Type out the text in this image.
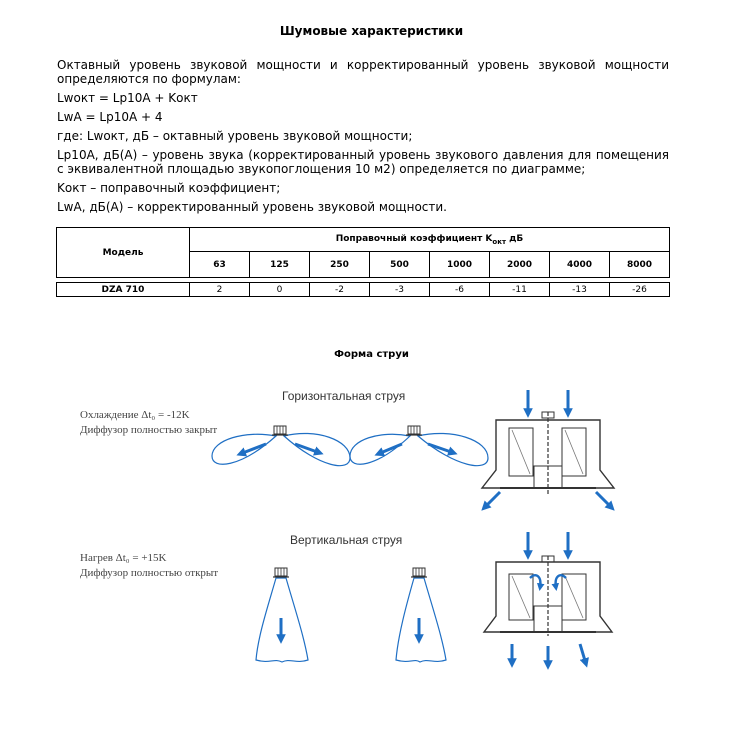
Шумовые характеристики
Октавный уровень звуковой мощности и корректированный уровень звуковой мощности определяются по формулам:
Lwокт = Lp10A + Kокт
LwA = Lp10A + 4
где: Lwокт, дБ – октавный уровень звуковой мощности;
Lp10A, дБ(A) – уровень звука (корректированный уровень звукового давления для помещения с эквивалентной площадью звукопоглощения 10 м2) определяется по диаграмме;
Kокт – поправочный коэффициент;
LwA, дБ(A) – корректированный уровень звуковой мощности.
Модель	Поправочный коэффициент $K_{окт}$ дБ							
	63	125	250	500	1000	2000	4000	8000

DZA 710	2	0	-2	-3	-6	-11	-13	-26
Форма струи
Горизонтальная струя
Вертикальная струя
Охлаждение Δt₀ = -12K
Диффузор полностью закрыт
Нагрев Δt₀ = +15K
Диффузор полностью открыт
